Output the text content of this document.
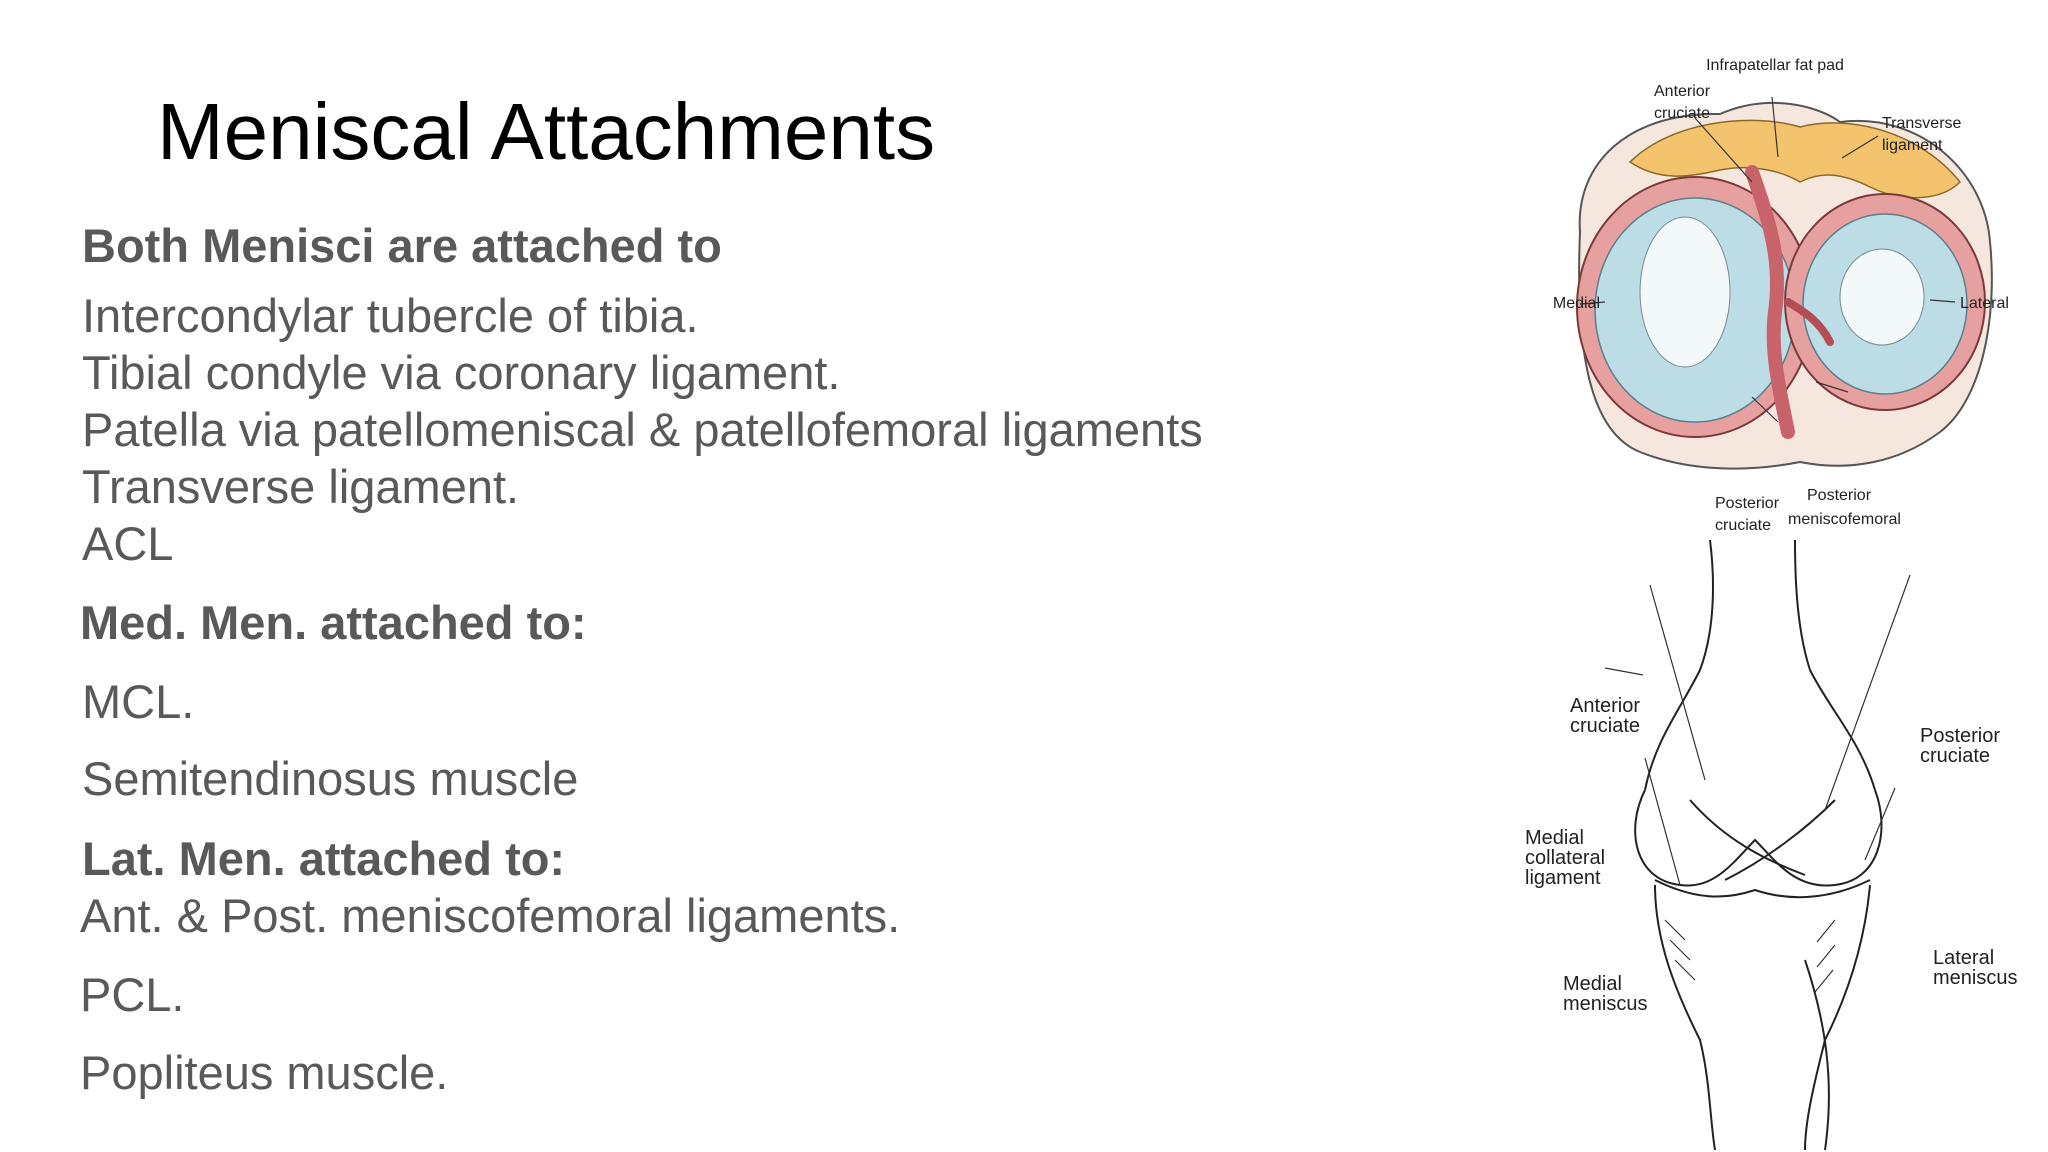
Meniscal Attachments
Both Menisci are attached to
Intercondylar tubercle of tibia.
Tibial condyle via coronary ligament.
Patella via patellomeniscal & patellofemoral ligaments
Transverse ligament.
ACL
Med. Men. attached to:
MCL.
Semitendinosus muscle
Lat. Men. attached to:
Ant. & Post. meniscofemoral ligaments.
PCL.
Popliteus muscle.
Infrapatellar fat pad
Anterior
cruciate
Transverse
ligament
Medial	Lateral
Posterior
cruciate
Posterior
meniscofemoral
Anterior
cruciate	Posterior
cruciate
Medial
collateral
ligament
Lateral
meniscus
Medial
meniscus
